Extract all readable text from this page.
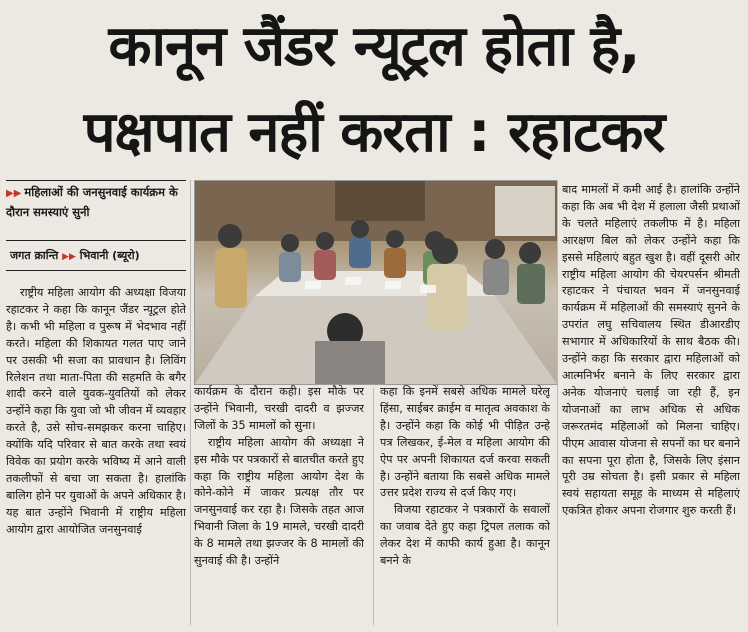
कानून जैंडर न्यूट्रल होता है,
पक्षपात नहीं करता : रहाटकर
▶▶ महिलाओं की जनसुनवाई कार्यक्रम के दौरान समस्याएं सुनी
जगत क्रान्ति ▶▶ भिवानी (ब्यूरो)

राष्ट्रीय महिला आयोग की अध्यक्षा विजया रहाटकर ने कहा कि कानून जैंडर न्यूट्रल होते है। कभी भी महिला व पुरूष में भेदभाव नहीं करते। महिला की शिकायत गलत पाए जाने पर उसकी भी सजा का प्रावधान है। लिविंग रिलेशन तथा माता-पिता की सहमति के बगैर शादी करने वाले युवक-युवतियों को लेकर उन्होंने कहा कि युवा जो भी जीवन में व्यवहार करते है, उसे सोच-समझकर करना चाहिए। क्योंकि यदि परिवार से बात करके तथा स्वयं विवेक का प्रयोग करके भविष्य में आने वाली तकलीफों से बचा जा सकता है। हालांकि बालिग होने पर युवाओं के अपने अधिकार है। यह बात उन्होंने भिवानी में राष्ट्रीय महिला आयोग द्वारा आयोजित जनसुनवाई

कार्यक्रम के दौरान कही। इस मौके पर उन्होंने भिवानी, चरखी दादरी व झज्जर जिलों के 35 मामलों को सुना।

राष्ट्रीय महिला आयोग की अध्यक्षा ने इस मौके पर पत्रकारों से बातचीत करते हुए कहा कि राष्ट्रीय महिला आयोग देश के कोने-कोने में जाकर प्रत्यक्ष तौर पर जनसुनवाई कर रहा है। जिसके तहत आज भिवानी जिला के 19 मामले, चरखी दादरी के 8 मामले तथा झज्जर के 8 मामलों की सुनवाई की है। उन्होंने

कहा कि इनमें सबसे अधिक मामले घरेलू हिंसा, साईबर क्राईम व मातृत्व अवकाश के है। उन्होंने कहा कि कोई भी पीड़ित उन्हे पत्र लिखकर, ई-मेल व महिला आयोग की ऐप पर अपनी शिकायत दर्ज करवा सकती है। उन्होंने बताया कि सबसे अधिक मामले उत्तर प्रदेश राज्य से दर्ज किए गए।

विजया रहाटकर ने पत्रकारों के सवालों का जवाब देते हुए कहा ट्रिपल तलाक को लेकर देश में काफी कार्य हुआ है। कानून बनने के

बाद मामलों में कमी आई है। हालांकि उन्होंने कहा कि अब भी देश में हलाला जैसी प्रथाओं के चलते महिलाएं तकलीफ में है। महिला आरक्षण बिल को लेकर उन्होंने कहा कि इससे महिलाएं बहुत खुश है। वहीं दूसरी ओर राष्ट्रीय महिला आयोग की चेयरपर्सन श्रीमती रहाटकर ने पंचायत भवन में जनसुनवाई कार्यक्रम में महिलाओं की समस्याएं सुनने के उपरांत लघु सचिवालय स्थित डीआरडीए सभागार में अधिकारियों के साथ बैठक की। उन्होंने कहा कि सरकार द्वारा महिलाओं को आत्मनिर्भर बनाने के लिए सरकार द्वारा अनेक योजनाएं चलाई जा रही हैं, इन योजनाओं का लाभ अधिक से अधिक जरूरतमंद महिलाओं को मिलना चाहिए। पीएम आवास योजना से सपनों का घर बनाने का सपना पूरा होता है, जिसके लिए इंसान पूरी उम्र सोचता है। इसी प्रकार से महिला स्वयं सहायता समूह के माध्यम से महिलाएं एकत्रित होकर अपना रोजगार शुरु करती हैं।
